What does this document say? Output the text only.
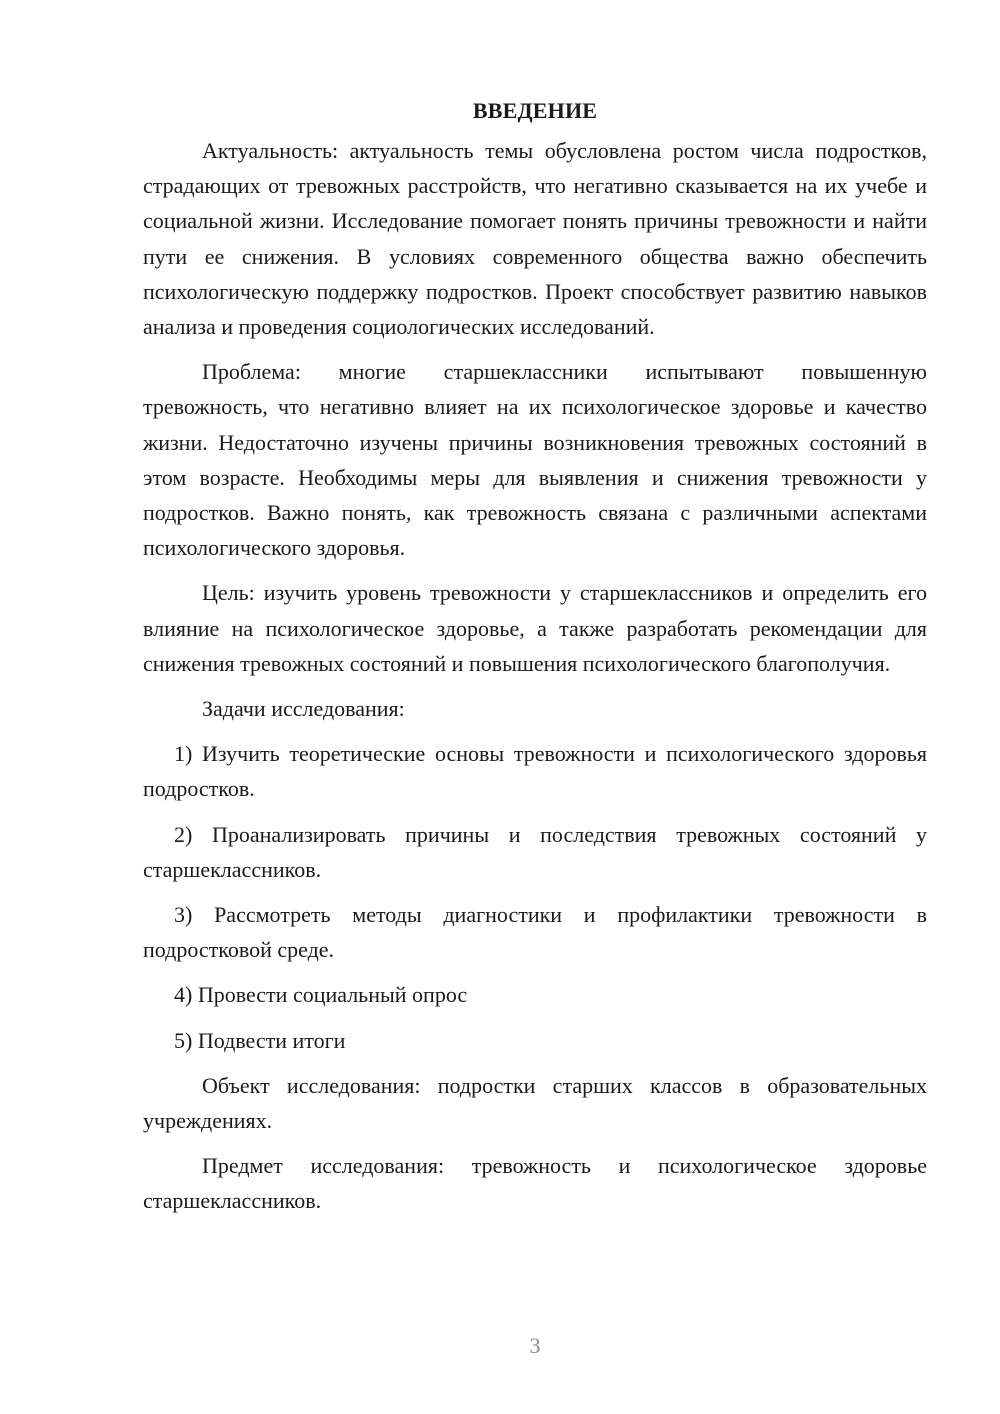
ВВЕДЕНИЕ

Актуальность: актуальность темы обусловлена ростом числа подростков, страдающих от тревожных расстройств, что негативно сказывается на их учебе и социальной жизни. Исследование помогает понять причины тревожности и найти пути ее снижения. В условиях современного общества важно обеспечить психологическую поддержку подростков. Проект способствует развитию навыков анализа и проведения социологических исследований.

Проблема: многие старшеклассники испытывают повышенную тревожность, что негативно влияет на их психологическое здоровье и качество жизни. Недостаточно изучены причины возникновения тревожных состояний в этом возрасте. Необходимы меры для выявления и снижения тревожности у подростков. Важно понять, как тревожность связана с различными аспектами психологического здоровья.

Цель: изучить уровень тревожности у старшеклассников и определить его влияние на психологическое здоровье, а также разработать рекомендации для снижения тревожных состояний и повышения психологического благополучия.

Задачи исследования:

1) Изучить теоретические основы тревожности и психологического здоровья подростков.

2) Проанализировать причины и последствия тревожных состояний у старшеклассников.

3) Рассмотреть методы диагностики и профилактики тревожности в подростковой среде.

4) Провести социальный опрос

5) Подвести итоги

Объект исследования: подростки старших классов в образовательных учреждениях.

Предмет исследования: тревожность и психологическое здоровье старшеклассников.

3
